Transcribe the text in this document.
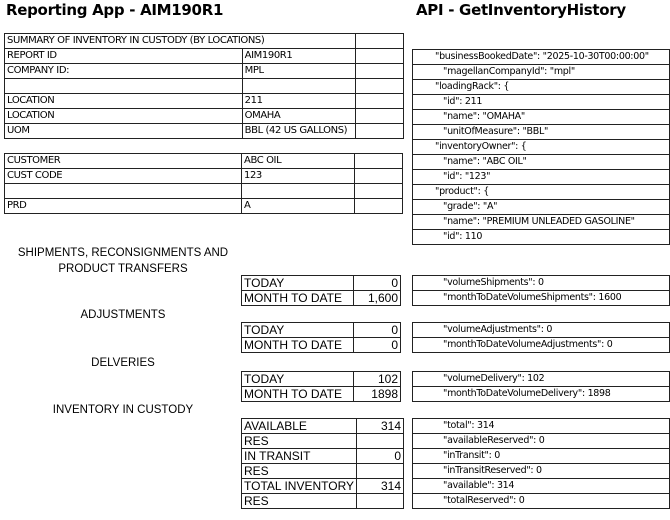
Reporting App - AIM190R1	API - GetInventoryHistory
SUMMARY OF INVENTORY IN CUSTODY (BY LOCATIONS)		
REPORT ID	AIM190R1	
COMPANY ID:	MPL	

LOCATION	211	
LOCATION	OMAHA	
UOM	BBL (42 US GALLONS)	
CUSTOMER	ABC OIL	
CUST CODE	123	

PRD	A	
"businessBookedDate": "2025-10-30T00:00:00"
"magellanCompanyId": "mpl"
"loadingRack": {
"id": 211
"name": "OMAHA"
"unitOfMeasure": "BBL"
"inventoryOwner": {
"name": "ABC OIL"
"id": "123"
"product": {
"grade": "A"
"name": "PREMIUM UNLEADED GASOLINE"
"id": 110
SHIPMENTS, RECONSIGNMENTS AND
PRODUCT TRANSFERS
ADJUSTMENTS
DELVERIES
INVENTORY IN CUSTODY
TODAY	0
MONTH TO DATE	1,600
"volumeShipments": 0
"monthToDateVolumeShipments": 1600
TODAY	0
MONTH TO DATE	0
"volumeAdjustments": 0
"monthToDateVolumeAdjustments": 0
TODAY	102
MONTH TO DATE	1898
"volumeDelivery": 102
"monthToDateVolumeDelivery": 1898
AVAILABLE	314
RES	
IN TRANSIT	0
RES	
TOTAL INVENTORY	314
RES	
"total": 314
"availableReserved": 0
"inTransit": 0
"inTransitReserved": 0
"available": 314
"totalReserved": 0
